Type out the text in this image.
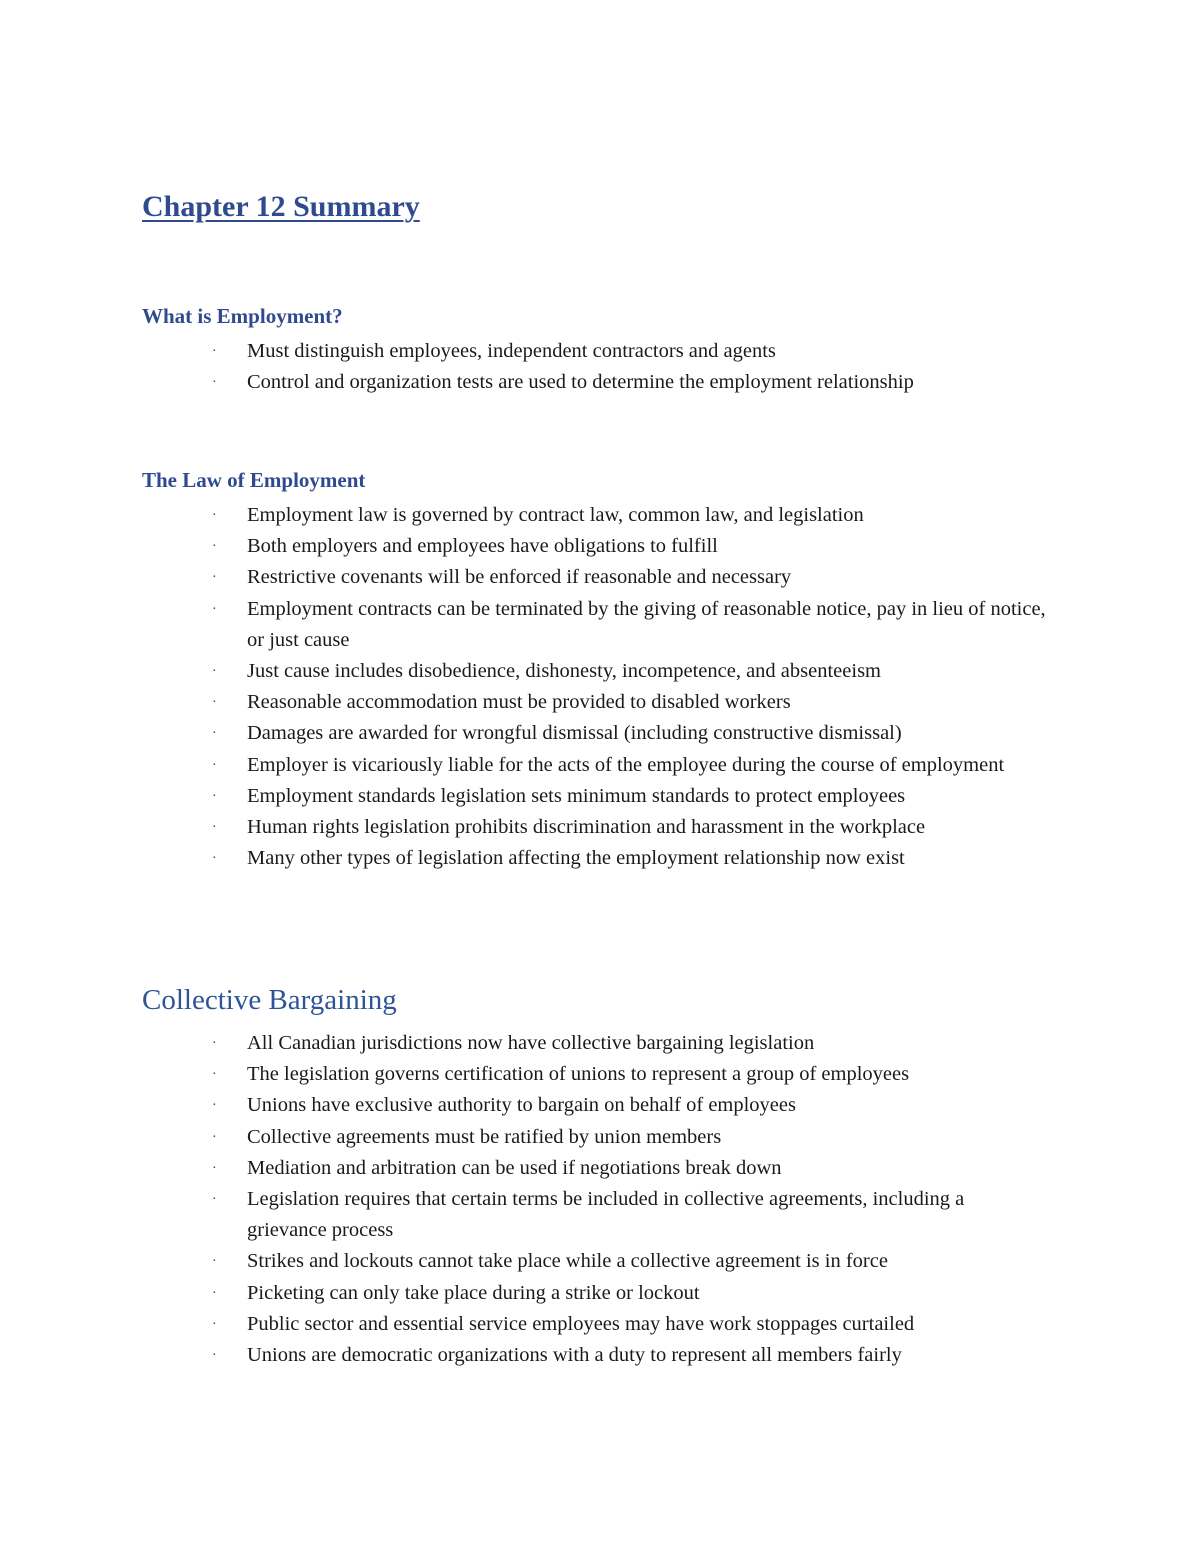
Chapter 12 Summary
What is Employment?
· Must distinguish employees, independent contractors and agents
· Control and organization tests are used to determine the employment relationship
The Law of Employment
· Employment law is governed by contract law, common law, and legislation
· Both employers and employees have obligations to fulfill
· Restrictive covenants will be enforced if reasonable and necessary
· Employment contracts can be terminated by the giving of reasonable notice, pay in lieu of notice, or just cause
· Just cause includes disobedience, dishonesty, incompetence, and absenteeism
· Reasonable accommodation must be provided to disabled workers
· Damages are awarded for wrongful dismissal (including constructive dismissal)
· Employer is vicariously liable for the acts of the employee during the course of employment
· Employment standards legislation sets minimum standards to protect employees
· Human rights legislation prohibits discrimination and harassment in the workplace
· Many other types of legislation affecting the employment relationship now exist
Collective Bargaining
· All Canadian jurisdictions now have collective bargaining legislation
· The legislation governs certification of unions to represent a group of employees
· Unions have exclusive authority to bargain on behalf of employees
· Collective agreements must be ratified by union members
· Mediation and arbitration can be used if negotiations break down
· Legislation requires that certain terms be included in collective agreements, including a grievance process
· Strikes and lockouts cannot take place while a collective agreement is in force
· Picketing can only take place during a strike or lockout
· Public sector and essential service employees may have work stoppages curtailed
· Unions are democratic organizations with a duty to represent all members fairly
